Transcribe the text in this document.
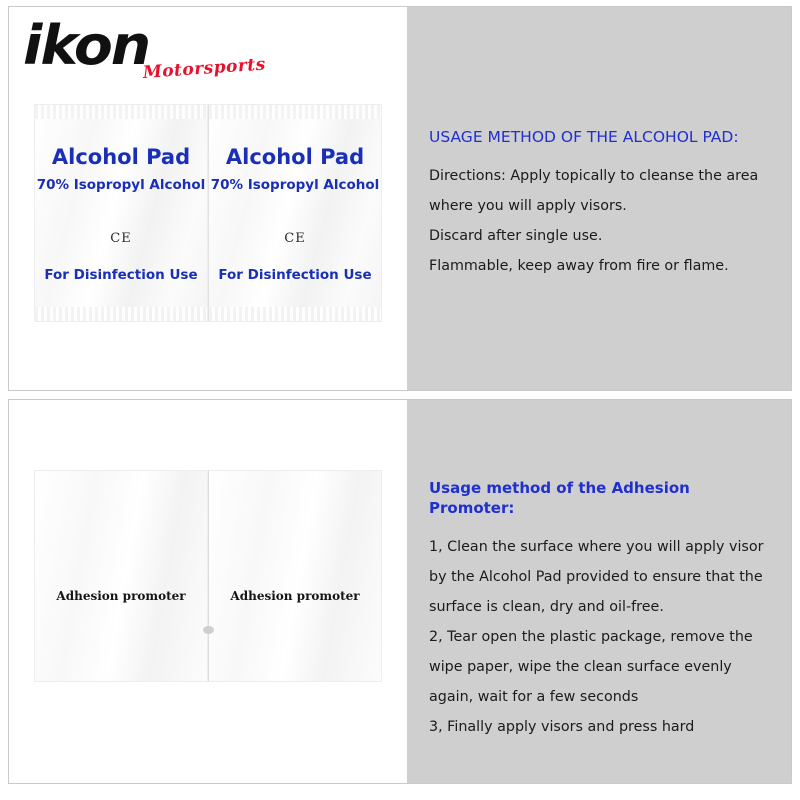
ikon
Motorsports
Alcohol Pad
70% Isopropyl Alcohol
CE
For Disinfection Use
Alcohol Pad
70% Isopropyl Alcohol
CE
For Disinfection Use
USAGE METHOD OF THE ALCOHOL PAD:
Directions: Apply topically to cleanse the area
where you will apply visors.
Discard after single use.
Flammable, keep away from fire or flame.
Adhesion promoter	Adhesion promoter
Usage method of the Adhesion Promoter:
1, Clean the surface where you will apply visor
by the Alcohol Pad provided to ensure that the
surface is clean, dry and oil-free.
2, Tear open the plastic package, remove the
wipe paper, wipe the clean surface evenly
again, wait for a few seconds
3, Finally apply visors and press hard
